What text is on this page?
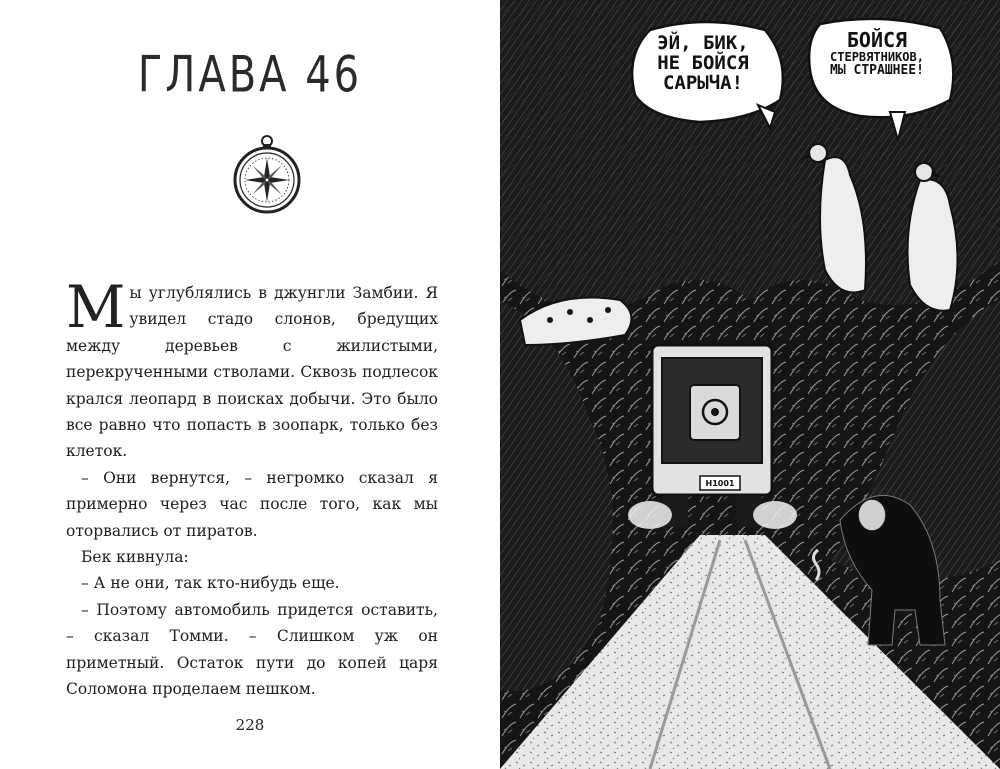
ГЛАВА 46

Мы углублялись в джунгли Замбии. Я увидел стадо слонов, бредущих между деревьев с жилистыми, перекрученными стволами. Сквозь подлесок крался леопард в поисках добычи. Это было все равно что попасть в зоопарк, только без клеток.

– Они вернутся, – негромко сказал я примерно через час после того, как мы оторвались от пиратов.

Бек кивнула:

– А не они, так кто-нибудь еще.

– Поэтому автомобиль придется оставить, – сказал Томми. – Слишком уж он приметный. Остаток пути до копей царя Соломона проделаем пешком.

228
ЭЙ, БИК,
НЕ БОЙСЯ
САРЫЧА!
БОЙСЯ
СТЕРВЯТНИКОВ,
МЫ СТРАШНЕЕ!
H1001
